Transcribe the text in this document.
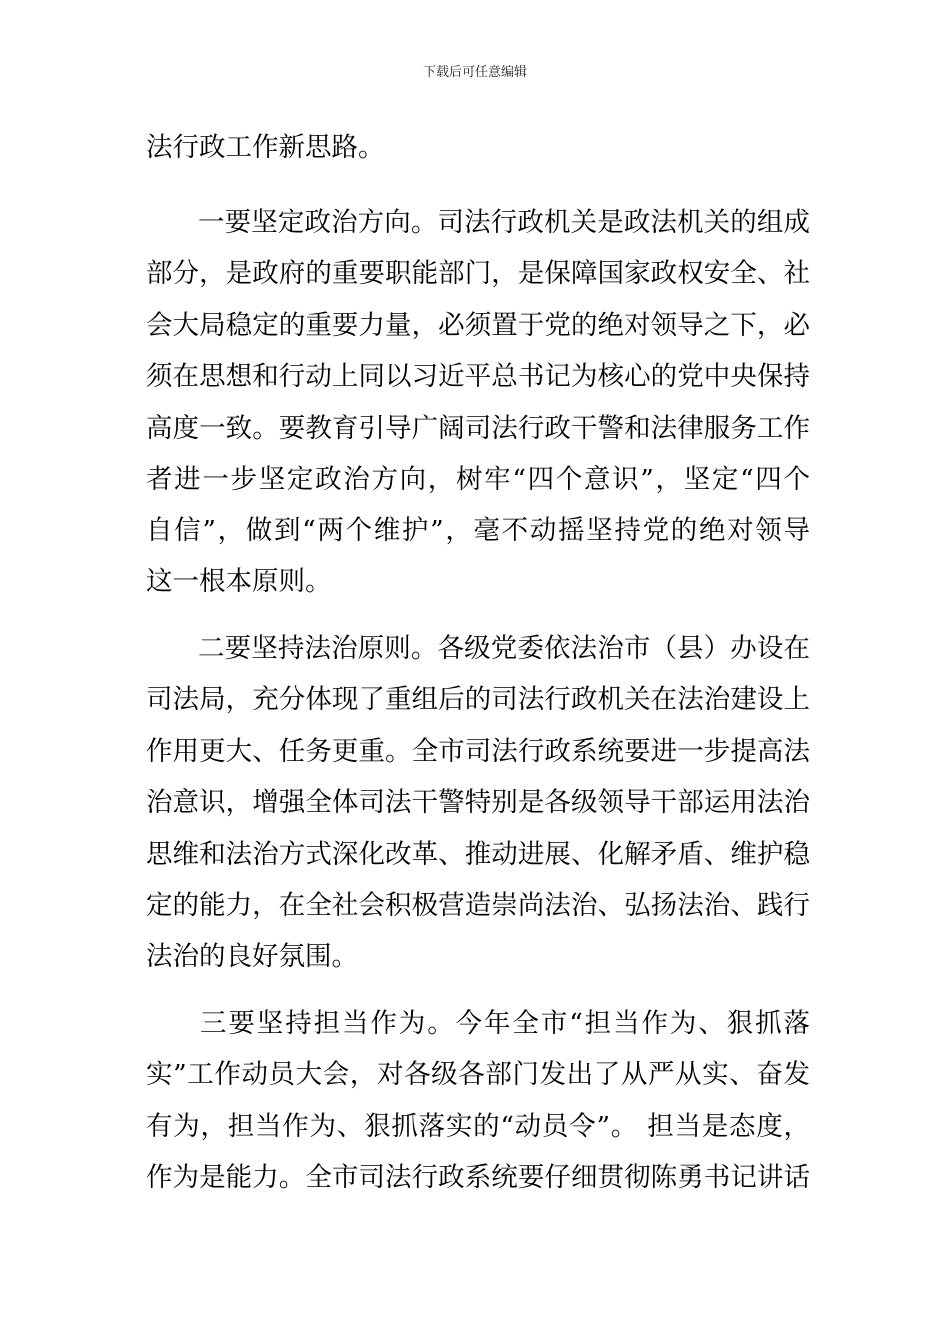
下载后可任意编辑
法行政工作新思路。
一要坚定政治方向。司法行政机关是政法机关的组成
部分，是政府的重要职能部门，是保障国家政权安全、社
会大局稳定的重要力量，必须置于党的绝对领导之下，必
须在思想和行动上同以习近平总书记为核心的党中央保持
高度一致。要教育引导广阔司法行政干警和法律服务工作
者进一步坚定政治方向，树牢“四个意识”，坚定“四个
自信”，做到“两个维护”，毫不动摇坚持党的绝对领导
这一根本原则。
二要坚持法治原则。各级党委依法治市（县）办设在
司法局，充分体现了重组后的司法行政机关在法治建设上
作用更大、任务更重。全市司法行政系统要进一步提高法
治意识，增强全体司法干警特别是各级领导干部运用法治
思维和法治方式深化改革、推动进展、化解矛盾、维护稳
定的能力，在全社会积极营造崇尚法治、弘扬法治、践行
法治的良好氛围。
三要坚持担当作为。今年全市“担当作为、狠抓落
实”工作动员大会，对各级各部门发出了从严从实、奋发
有为，担当作为、狠抓落实的“动员令”。 担当是态度，
作为是能力。全市司法行政系统要仔细贯彻陈勇书记讲话
